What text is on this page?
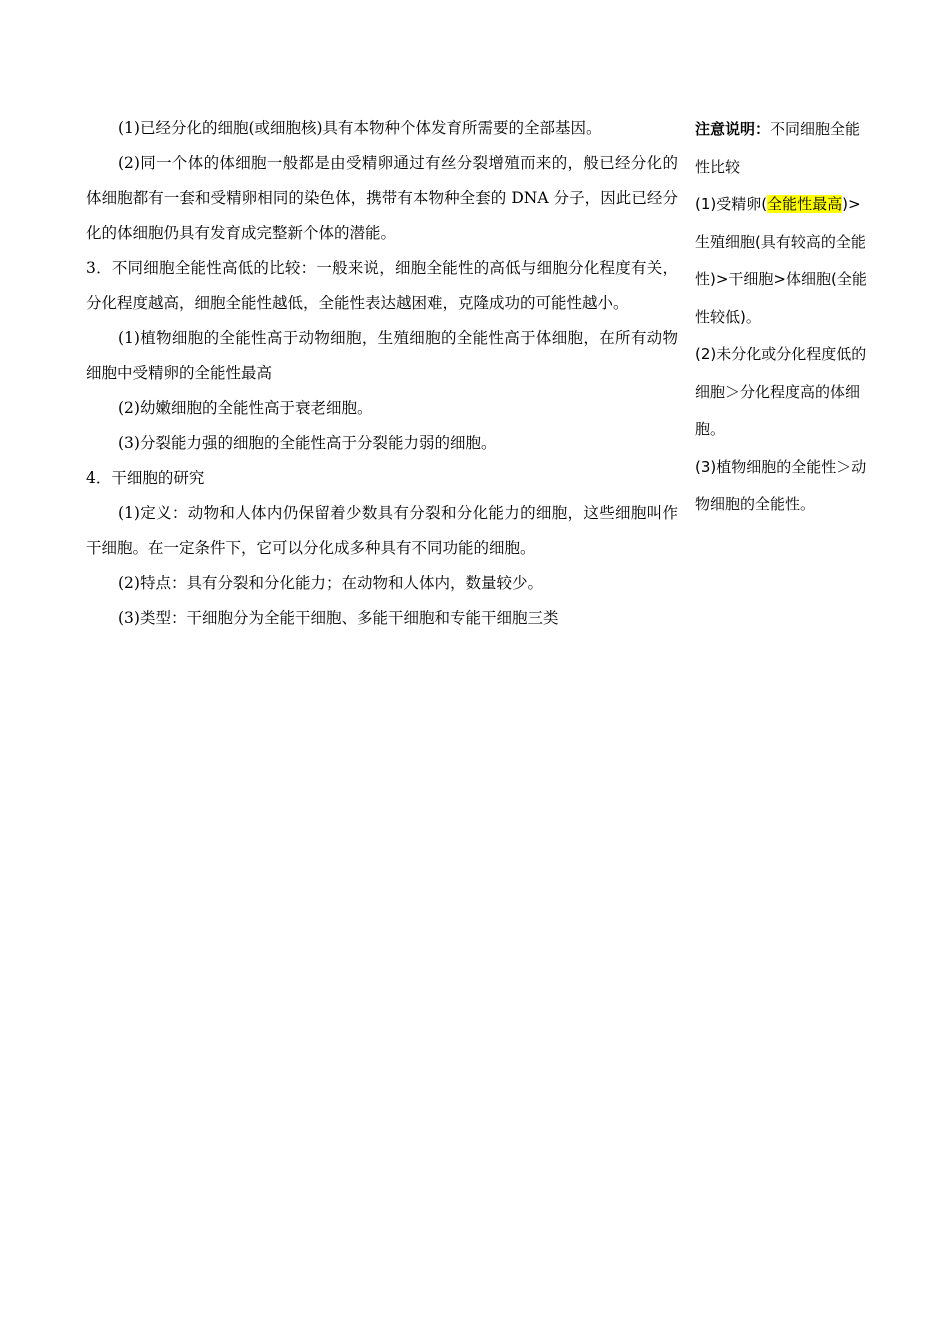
(1)已经分化的细胞(或细胞核)具有本物种个体发育所需要的全部基因。

(2)同一个体的体细胞一般都是由受精卵通过有丝分裂增殖而来的，般已经分化的体细胞都有一套和受精卵相同的染色体，携带有本物种全套的 DNA 分子，因此已经分化的体细胞仍具有发育成完整新个体的潜能。

3．不同细胞全能性高低的比较：一般来说，细胞全能性的高低与细胞分化程度有关，分化程度越高，细胞全能性越低，全能性表达越困难，克隆成功的可能性越小。

(1)植物细胞的全能性高于动物细胞，生殖细胞的全能性高于体细胞，在所有动物细胞中受精卵的全能性最高

(2)幼嫩细胞的全能性高于衰老细胞。

(3)分裂能力强的细胞的全能性高于分裂能力弱的细胞。

4．干细胞的研究

(1)定义：动物和人体内仍保留着少数具有分裂和分化能力的细胞，这些细胞叫作干细胞。在一定条件下，它可以分化成多种具有不同功能的细胞。

(2)特点：具有分裂和分化能力；在动物和人体内，数量较少。

(3)类型：干细胞分为全能干细胞、多能干细胞和专能干细胞三类

注意说明：不同细胞全能性比较

(1)受精卵(全能性最高)>生殖细胞(具有较高的全能性)>干细胞>体细胞(全能性较低)。

(2)未分化或分化程度低的细胞＞分化程度高的体细胞。

(3)植物细胞的全能性＞动物细胞的全能性。
